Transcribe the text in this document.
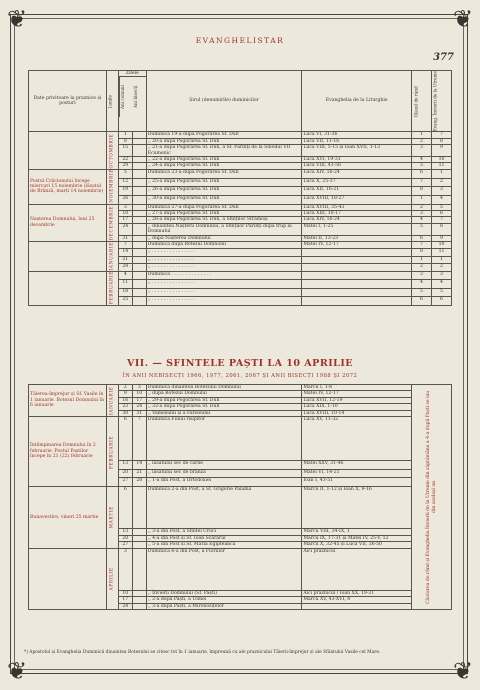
❦	❦
❦	❦
EVANGHELISTAR
377
Date privitoare la praznice și posturi	Lunile	Zilele
Ani comuni Ani bisecți		Șirul (denumirile) duminicilor	Evanghelia de la Liturghie	Glasul de rând	Evang. Învierii de la Utrenie
	OCTOMBRIE	1		Duminica 19-a după Pogorârea Sf. Duh	Luca VI, 31-36	1	7
		8		,, 20-a după Pogorârea Sf. Duh	Luca VII, 11-16	2	8
		15		,, 21-a după Pogorârea Sf. Duh, a Sf. Părinți de la Sinodul VII Ecumenic	Luca VIII, 5-15 și Ioan XVII, 1-13	3	9
		22		,, 22-a după Pogorârea Sf. Duh	Luca XVI, 19-31	4	10
		29		,, 24-a după Pogorârea Sf. Duh	Luca VIII, 41-56	5	11
Postul Crăciunului începe miercuri 15 noiembrie (lăsatul de Brânză, marți 14 noiembrie)	NOIEMBRIE	5		Duminica 23-a după Pogorârea Sf. Duh	Luca XIV, 16-24	6	1
		12		,, 25-a după Pogorârea Sf. Duh	Luca X, 25-37	7	2
		19		,, 26-a după Pogorârea Sf. Duh	Luca XII, 16-21	8	3
		26		,, 30-a după Pogorârea Sf. Duh	Luca XVIII, 18-27	1	4
Nașterea Domnului, luni 25 decembrie	DECEMBRIE	3		Duminica 27-a după Pogorârea Sf. Duh	Luca XVIII, 35-43	2	5
		10		,, 27-a după Pogorârea Sf. Duh	Luca XIII, 10-17	3	6
		17		,, 28-a după Pogorârea Sf. Duh, a Sfinților Strămoși	Luca XIV, 16-24	4	7
		24		,, dinaintea Nașterii Domnului, a Sfinților Părinți după trup ai Domnului	Matei I, 1-25	5	8
		31		,, după Nașterea Domnului	Matei II, 13-23	6	9
	IANUARIE	7		Duminica după Botezul Domnului	Matei IV, 12-17	7	10
		14		,, . . . . . . . . . . . . . . .		8	11
		21		,, . . . . . . . . . . . . . . .		1	1
		28		,, . . . . . . . . . . . . . . .		2	2
	FEBRUARIE	4		Duminica . . . . . . . . . . . . . .		3	3
		11		,, . . . . . . . . . . . . . . .		4	4
		18		,, . . . . . . . . . . . . . . .		5	5
		25		,, . . . . . . . . . . . . . . .		6	6
VII. — SFINTELE PAȘTI LA 10 APRILIE
ÎN ANII NEBISECȚI 1966, 1977, 2061, 2067 ȘI ANII BISECȚI 1988 ȘI 2072
Tăierea-împrejur și Sf. Vasile în 1 ianuarie. Botezul Domnului în 6 ianuarie	IANUARIE	2	3	Duminica dinaintea Botezului Domnului	Marcu I, 1-8	Căutarea de rând și Evanghelia Învierii de la Utrenie din săptămâna a 4-a după Paști se iau din același an

		9	10	,, după Botezul Domnului	Matei IV, 12-17	
		16	17	,, 29-a după Pogorârea Sf. Duh	Luca XVII, 12-19	
		23	24	,, 32-a după Pogorârea Sf. Duh	Luca XIX, 1-10	
		30	31	,, Vameșului și a Fariseului	Luca XVIII, 10-14	
Întâmpinarea Domnului în 2 februarie. Postul Paștilor începe în 21 (22) februarie	FEBRUARIE	6	7	Duminica Fiului risipitor	Luca XV, 11-32	
		13	14	,, lăsatului sec de carne	Matei XXV, 31-46	
		20	21	,, lăsatului sec de brânză	Matei VI, 14-21	
		27	28	,, 1-a din Post, a Ortodoxiei	Ioan I, 43-51	
Bunavestire, vineri 25 martie	MARTIE	6		Duminica 2-a din Post, a Sf. Grigorie Palama	Marcu II, 1-12 și Ioan X, 9-16	
		13		,, 3-a din Post, a Sfintei Cruci	Marcu VIII, 34-IX, 1	
		20		,, 4-a din Post și Sf. Ioan Scărarul	Marcu IX, 17-31 și Matei IV, 25-V, 12	
		27		,, 5-a din Post și Sf. Maria Egipteanca	Marcu X, 32-45 și Luca VII, 36-50	
	APRILIE	3		Duminica 6-a din Post, a Floriilor	Aici praznicul	
		10		,, Învierii Domnului (Sf. Paști)	Aici praznicul / Ioan XX, 19-31	
		17		,, 2-a după Paști, a Tomei	Marcu XV, 43-XVI, 8	
		24		,, 3-a după Paști, a Mironosițelor		
*) Apostolul și Evanghelia Duminicii dinaintea Botezului se citesc tot în 1 ianuarie, împreună cu ale praznicului Tăierii-împrejur și ale Sfântului Vasile cel Mare.
